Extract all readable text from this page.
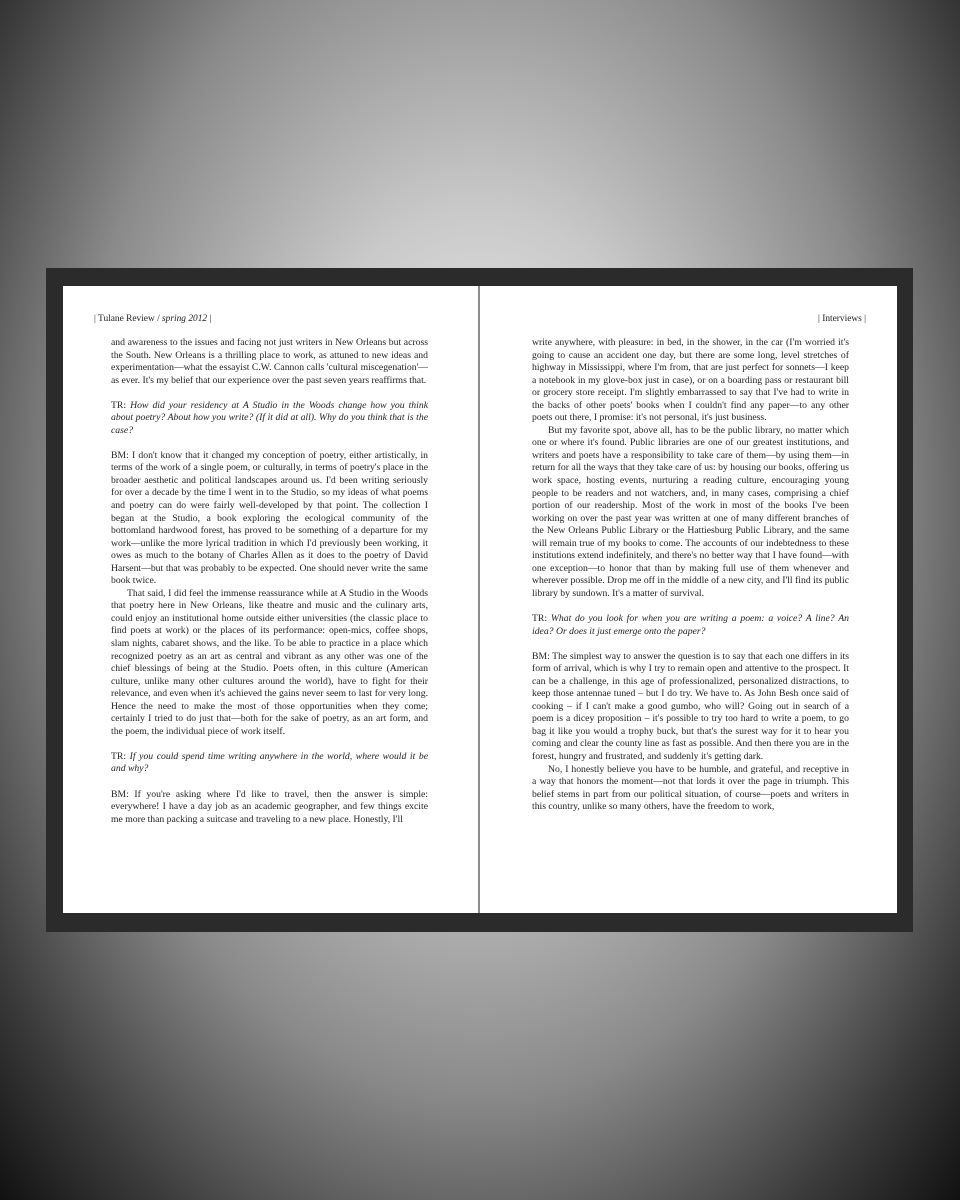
| Tulane Review / spring 2012 |

and awareness to the issues and facing not just writers in New Orleans but across the South. New Orleans is a thrilling place to work, as attuned to new ideas and experimentation—what the essayist C.W. Cannon calls 'cultural miscegenation'—as ever. It's my belief that our experience over the past seven years reaffirms that.

TR: How did your residency at A Studio in the Woods change how you think about poetry? About how you write? (If it did at all). Why do you think that is the case?

BM: I don't know that it changed my conception of poetry, either artistically, in terms of the work of a single poem, or culturally, in terms of poetry's place in the broader aesthetic and political landscapes around us. I'd been writing seriously for over a decade by the time I went in to the Studio, so my ideas of what poems and poetry can do were fairly well-developed by that point. The collection I began at the Studio, a book exploring the ecological community of the bottomland hardwood forest, has proved to be something of a departure for my work—unlike the more lyrical tradition in which I'd previously been working, it owes as much to the botany of Charles Allen as it does to the poetry of David Harsent—but that was probably to be expected. One should never write the same book twice.

That said, I did feel the immense reassurance while at A Studio in the Woods that poetry here in New Orleans, like theatre and music and the culinary arts, could enjoy an institutional home outside either universities (the classic place to find poets at work) or the places of its performance: open-mics, coffee shops, slam nights, cabaret shows, and the like. To be able to practice in a place which recognized poetry as an art as central and vibrant as any other was one of the chief blessings of being at the Studio. Poets often, in this culture (American culture, unlike many other cultures around the world), have to fight for their relevance, and even when it's achieved the gains never seem to last for very long. Hence the need to make the most of those opportunities when they come; certainly I tried to do just that—both for the sake of poetry, as an art form, and the poem, the individual piece of work itself.

TR: If you could spend time writing anywhere in the world, where would it be and why?

BM: If you're asking where I'd like to travel, then the answer is simple: everywhere! I have a day job as an academic geographer, and few things excite me more than packing a suitcase and traveling to a new place. Honestly, I'll

| Interviews |

write anywhere, with pleasure: in bed, in the shower, in the car (I'm worried it's going to cause an accident one day, but there are some long, level stretches of highway in Mississippi, where I'm from, that are just perfect for sonnets—I keep a notebook in my glove-box just in case), or on a boarding pass or restaurant bill or grocery store receipt. I'm slightly embarrassed to say that I've had to write in the backs of other poets' books when I couldn't find any paper—to any other poets out there, I promise: it's not personal, it's just business.

But my favorite spot, above all, has to be the public library, no matter which one or where it's found. Public libraries are one of our greatest institutions, and writers and poets have a responsibility to take care of them—by using them—in return for all the ways that they take care of us: by housing our books, offering us work space, hosting events, nurturing a reading culture, encouraging young people to be readers and not watchers, and, in many cases, comprising a chief portion of our readership. Most of the work in most of the books I've been working on over the past year was written at one of many different branches of the New Orleans Public Library or the Hattiesburg Public Library, and the same will remain true of my books to come. The accounts of our indebtedness to these institutions extend indefinitely, and there's no better way that I have found—with one exception—to honor that than by making full use of them whenever and wherever possible. Drop me off in the middle of a new city, and I'll find its public library by sundown. It's a matter of survival.

TR: What do you look for when you are writing a poem: a voice? A line? An idea? Or does it just emerge onto the paper?

BM: The simplest way to answer the question is to say that each one differs in its form of arrival, which is why I try to remain open and attentive to the prospect. It can be a challenge, in this age of professionalized, personalized distractions, to keep those antennae tuned – but I do try. We have to. As John Besh once said of cooking – if I can't make a good gumbo, who will? Going out in search of a poem is a dicey proposition – it's possible to try too hard to write a poem, to go bag it like you would a trophy buck, but that's the surest way for it to hear you coming and clear the county line as fast as possible. And then there you are in the forest, hungry and frustrated, and suddenly it's getting dark.

No, I honestly believe you have to be humble, and grateful, and receptive in a way that honors the moment—not that lords it over the page in triumph. This belief stems in part from our political situation, of course—poets and writers in this country, unlike so many others, have the freedom to work,
